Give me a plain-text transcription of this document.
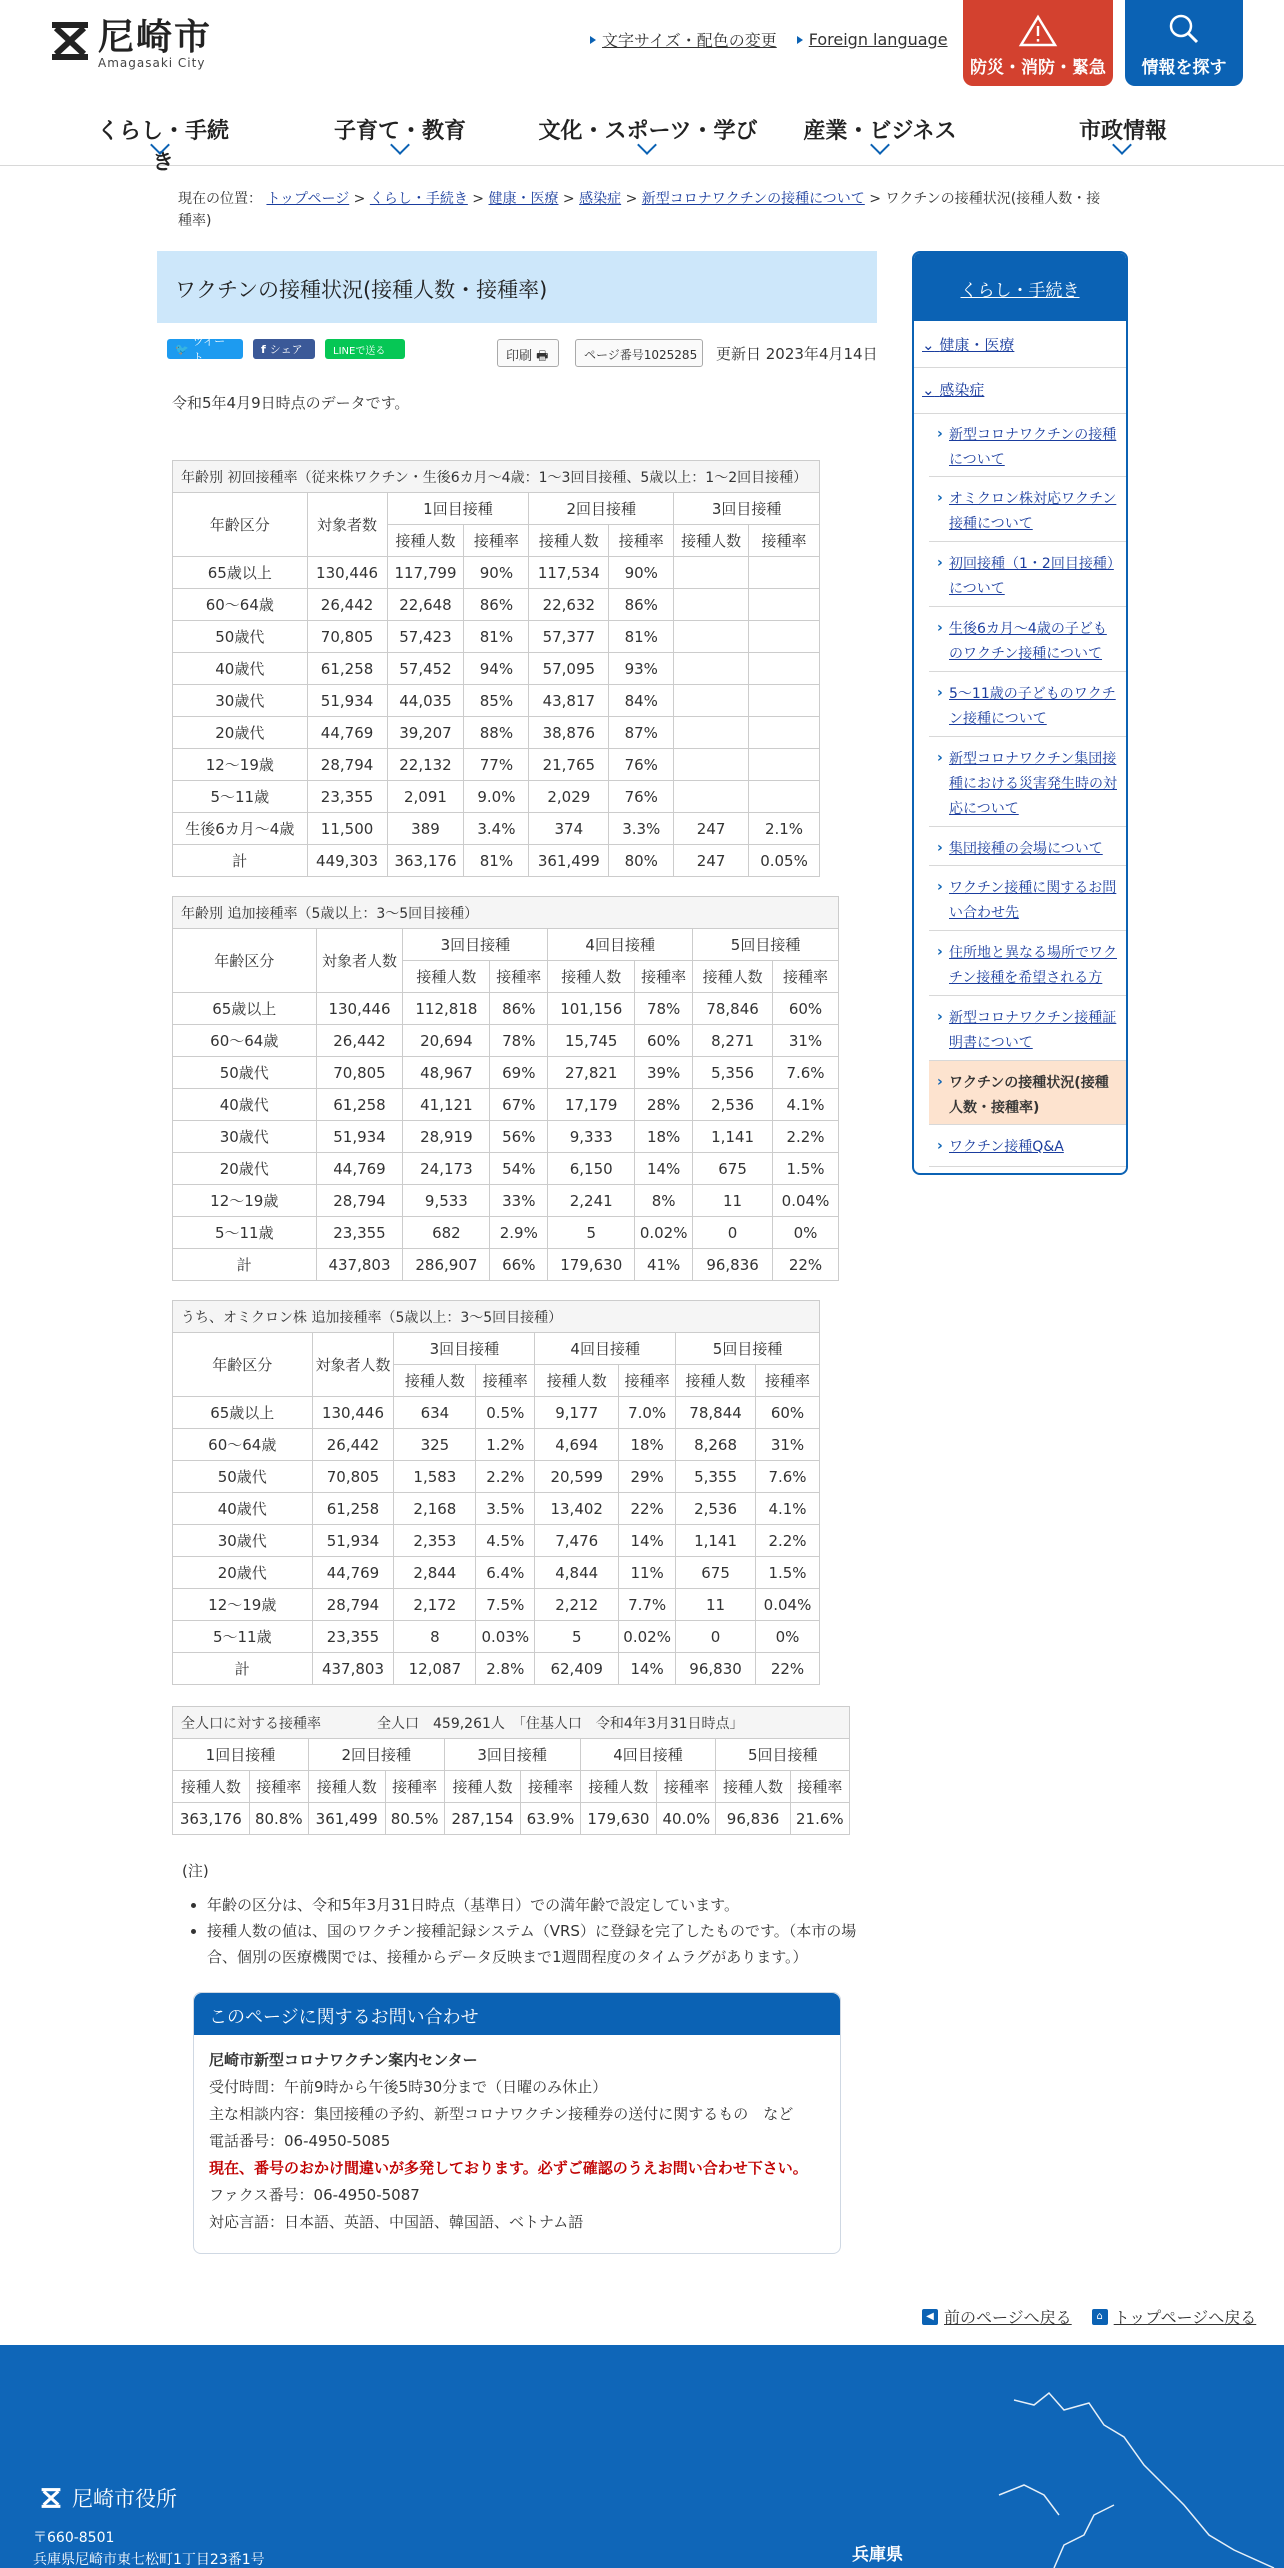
尼崎市
Amagasaki City
文字サイズ・配色の変更 Foreign language
防災・消防・緊急	情報を探す
くらし・手続き
子育て・教育	文化・スポーツ・学び	産業・ビジネス	市政情報
現在の位置： トップページ > くらし・手続き > 健康・医療 > 感染症 > 新型コロナワクチンの接種について > ワクチンの接種状況(接種人数・接種率)
ワクチンの接種状況(接種人数・接種率)
🐦
ツイート
f シェア	LINEで送る	印刷 🖶	ページ番号1025285	更新日 2023年4月14日
令和5年4月9日時点のデータです。
年齢別 初回接種率（従来株ワクチン・生後6カ月～4歳：1～3回目接種、5歳以上：1～2回目接種）							
年齢区分	対象者数	1回目接種		2回目接種		3回目接種	
		接種人数	接種率	接種人数	接種率	接種人数	接種率
65歳以上	130,446	117,799	90%	117,534	90%		
60～64歳	26,442	22,648	86%	22,632	86%		
50歳代	70,805	57,423	81%	57,377	81%		
40歳代	61,258	57,452	94%	57,095	93%		
30歳代	51,934	44,035	85%	43,817	84%		
20歳代	44,769	39,207	88%	38,876	87%		
12～19歳	28,794	22,132	77%	21,765	76%		
5～11歳	23,355	2,091	9.0%	2,029	76%		
生後6カ月～4歳	11,500	389	3.4%	374	3.3%	247	2.1%
計	449,303	363,176	81%	361,499	80%	247	0.05%
年齢別 追加接種率（5歳以上：3～5回目接種）							
年齢区分	対象者人数	3回目接種		4回目接種		5回目接種	
		接種人数	接種率	接種人数	接種率	接種人数	接種率
65歳以上	130,446	112,818	86%	101,156	78%	78,846	60%
60～64歳	26,442	20,694	78%	15,745	60%	8,271	31%
50歳代	70,805	48,967	69%	27,821	39%	5,356	7.6%
40歳代	61,258	41,121	67%	17,179	28%	2,536	4.1%
30歳代	51,934	28,919	56%	9,333	18%	1,141	2.2%
20歳代	44,769	24,173	54%	6,150	14%	675	1.5%
12～19歳	28,794	9,533	33%	2,241	8%	11	0.04%
5～11歳	23,355	682	2.9%	5	0.02%	0	0%
計	437,803	286,907	66%	179,630	41%	96,836	22%
うち、オミクロン株 追加接種率（5歳以上：3～5回目接種）							
年齢区分	対象者人数	3回目接種		4回目接種		5回目接種	
		接種人数	接種率	接種人数	接種率	接種人数	接種率
65歳以上	130,446	634	0.5%	9,177	7.0%	78,844	60%
60～64歳	26,442	325	1.2%	4,694	18%	8,268	31%
50歳代	70,805	1,583	2.2%	20,599	29%	5,355	7.6%
40歳代	61,258	2,168	3.5%	13,402	22%	2,536	4.1%
30歳代	51,934	2,353	4.5%	7,476	14%	1,141	2.2%
20歳代	44,769	2,844	6.4%	4,844	11%	675	1.5%
12～19歳	28,794	2,172	7.5%	2,212	7.7%	11	0.04%
5～11歳	23,355	8	0.03%	5	0.02%	0	0%
計	437,803	12,087	2.8%	62,409	14%	96,830	22%
全人口に対する接種率　　　　全人口　459,261人　「住基人口　令和4年3月31日時点」									
1回目接種		2回目接種		3回目接種		4回目接種		5回目接種	
接種人数	接種率	接種人数	接種率	接種人数	接種率	接種人数	接種率	接種人数	接種率
363,176	80.8%	361,499	80.5%	287,154	63.9%	179,630	40.0%	96,836	21.6%
(注)
• 年齢の区分は、令和5年3月31日時点（基準日）での満年齢で設定しています。
• 接種人数の値は、国のワクチン接種記録システム（VRS）に登録を完了したものです。（本市の場合、個別の医療機関では、接種からデータ反映まで1週間程度のタイムラグがあります。）
このページに関するお問い合わせ
尼崎市新型コロナワクチン案内センター
受付時間：午前9時から午後5時30分まで（日曜のみ休止）
主な相談内容：集団接種の予約、新型コロナワクチン接種券の送付に関するもの　など
電話番号：06-4950-5085
現在、番号のおかけ間違いが多発しております。必ずご確認のうえお問い合わせ下さい。
ファクス番号：06-4950-5087
対応言語：日本語、英語、中国語、韓国語、ベトナム語
くらし・手続き
⌄ 健康・医療
⌄ 感染症
› 新型コロナワクチンの接種について
› オミクロン株対応ワクチン接種について
› 初回接種（1・2回目接種）について
› 生後6カ月～4歳の子どものワクチン接種について
› 5～11歳の子どものワクチン接種について
› 新型コロナワクチン集団接種における災害発生時の対応について
› 集団接種の会場について
› ワクチン接種に関するお問い合わせ先
› 住所地と異なる場所でワクチン接種を希望される方
› 新型コロナワクチン接種証明書について
› ワクチンの接種状況(接種人数・接種率)
› ワクチン接種Q&A
◀ 前のページへ戻る	⌂ トップページへ戻る
尼崎市役所
〒660-8501
兵庫県尼崎市東七松町1丁目23番1号	兵庫県
